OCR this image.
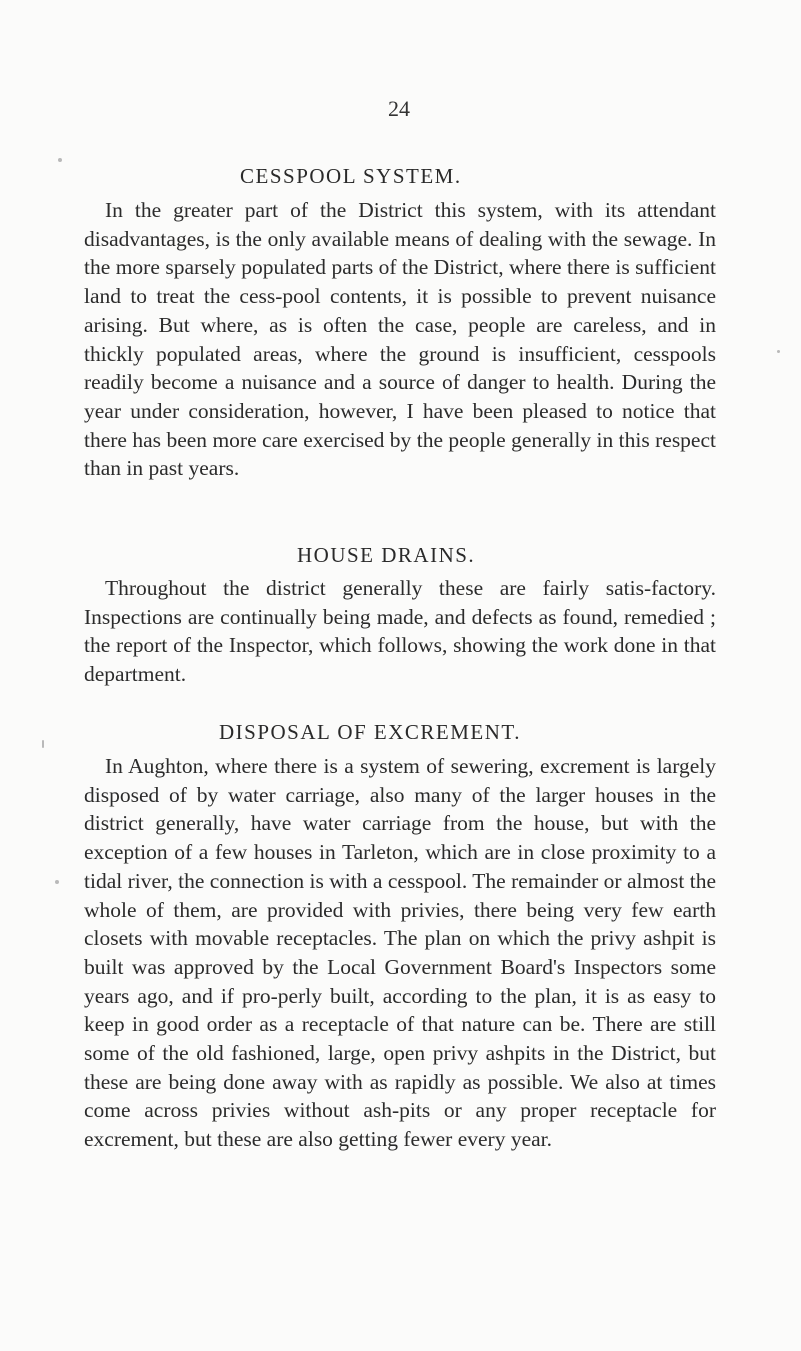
24
CESSPOOL SYSTEM.
In the greater part of the District this system, with its attendant disadvantages, is the only available means of dealing with the sewage. In the more sparsely populated parts of the District, where there is sufficient land to treat the cess-pool contents, it is possible to prevent nuisance arising. But where, as is often the case, people are careless, and in thickly populated areas, where the ground is insufficient, cesspools readily become a nuisance and a source of danger to health. During the year under consideration, however, I have been pleased to notice that there has been more care exercised by the people generally in this respect than in past years.
HOUSE DRAINS.
Throughout the district generally these are fairly satis-factory. Inspections are continually being made, and defects as found, remedied ; the report of the Inspector, which follows, showing the work done in that department.
DISPOSAL OF EXCREMENT.
In Aughton, where there is a system of sewering, excrement is largely disposed of by water carriage, also many of the larger houses in the district generally, have water carriage from the house, but with the exception of a few houses in Tarleton, which are in close proximity to a tidal river, the connection is with a cesspool. The remainder or almost the whole of them, are provided with privies, there being very few earth closets with movable receptacles. The plan on which the privy ashpit is built was approved by the Local Government Board's Inspectors some years ago, and if pro-perly built, according to the plan, it is as easy to keep in good order as a receptacle of that nature can be. There are still some of the old fashioned, large, open privy ashpits in the District, but these are being done away with as rapidly as possible. We also at times come across privies without ash-pits or any proper receptacle for excrement, but these are also getting fewer every year.
